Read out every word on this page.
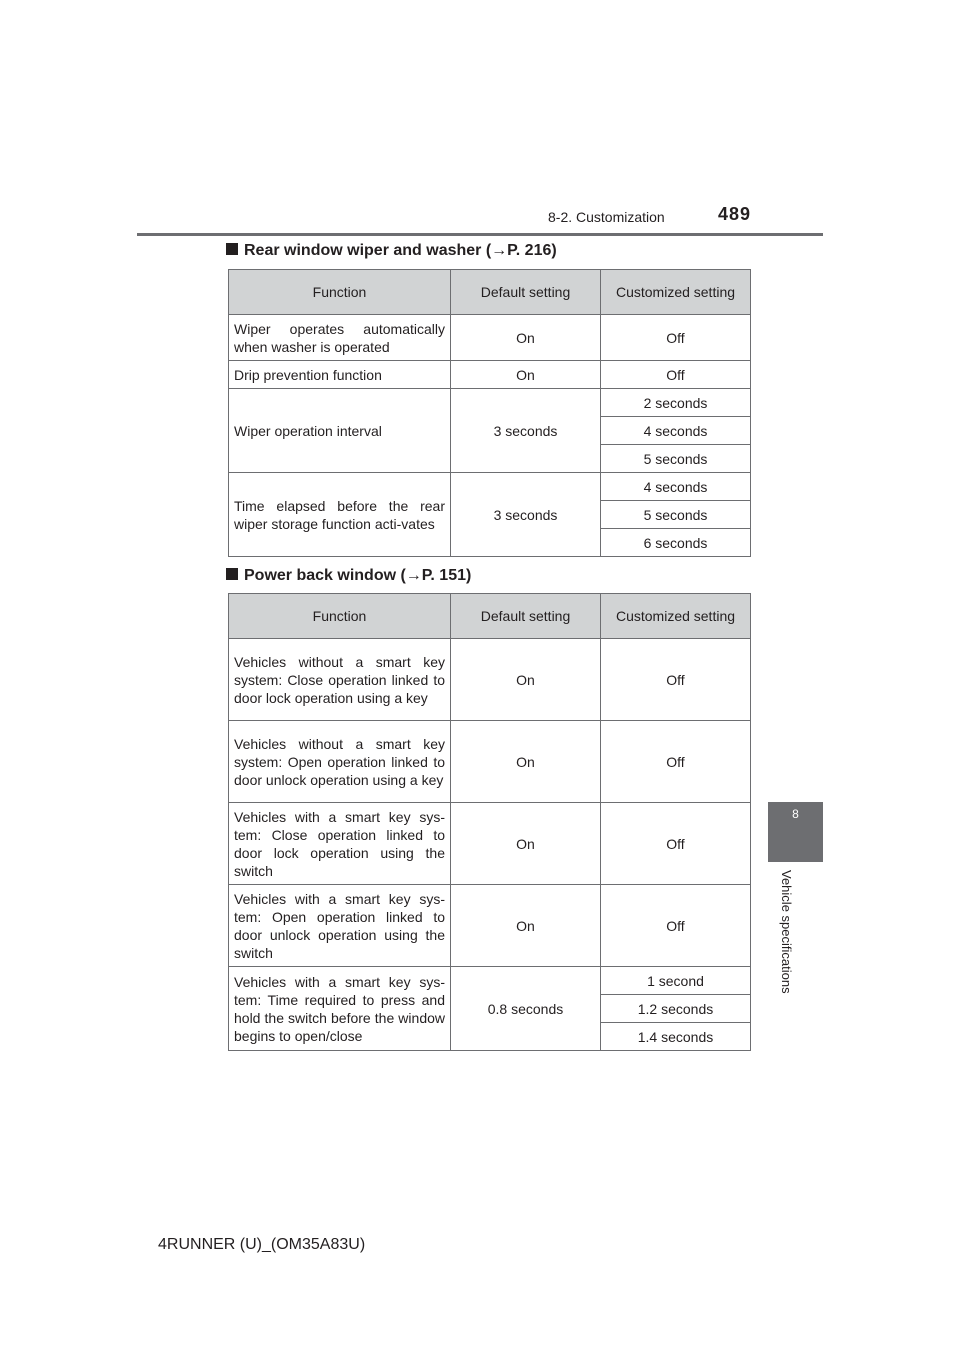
8-2. Customization	489
8
Vehicle specifications
Rear window wiper and washer (→P. 216)
Function	Default setting	Customized setting
Wiper operates automatically when washer is operated	On	Off
Drip prevention function	On	Off
Wiper operation interval	3 seconds	2 seconds
		4 seconds
		5 seconds
Time elapsed before the rear wiper storage function acti-vates	3 seconds	4 seconds
		5 seconds
		6 seconds
Power back window (→P. 151)
Function	Default setting	Customized setting
Vehicles without a smart key system: Close operation linked to door lock operation using a key	On	Off
Vehicles without a smart key system: Open operation linked to door unlock operation using a key	On	Off
Vehicles with a smart key sys-tem: Close operation linked to door lock operation using the switch	On	Off
Vehicles with a smart key sys-tem: Open operation linked to door unlock operation using the switch	On	Off
Vehicles with a smart key sys-tem: Time required to press and hold the switch before the window begins to open/close	0.8 seconds	1 second
		1.2 seconds
		1.4 seconds
4RUNNER (U)_(OM35A83U)
